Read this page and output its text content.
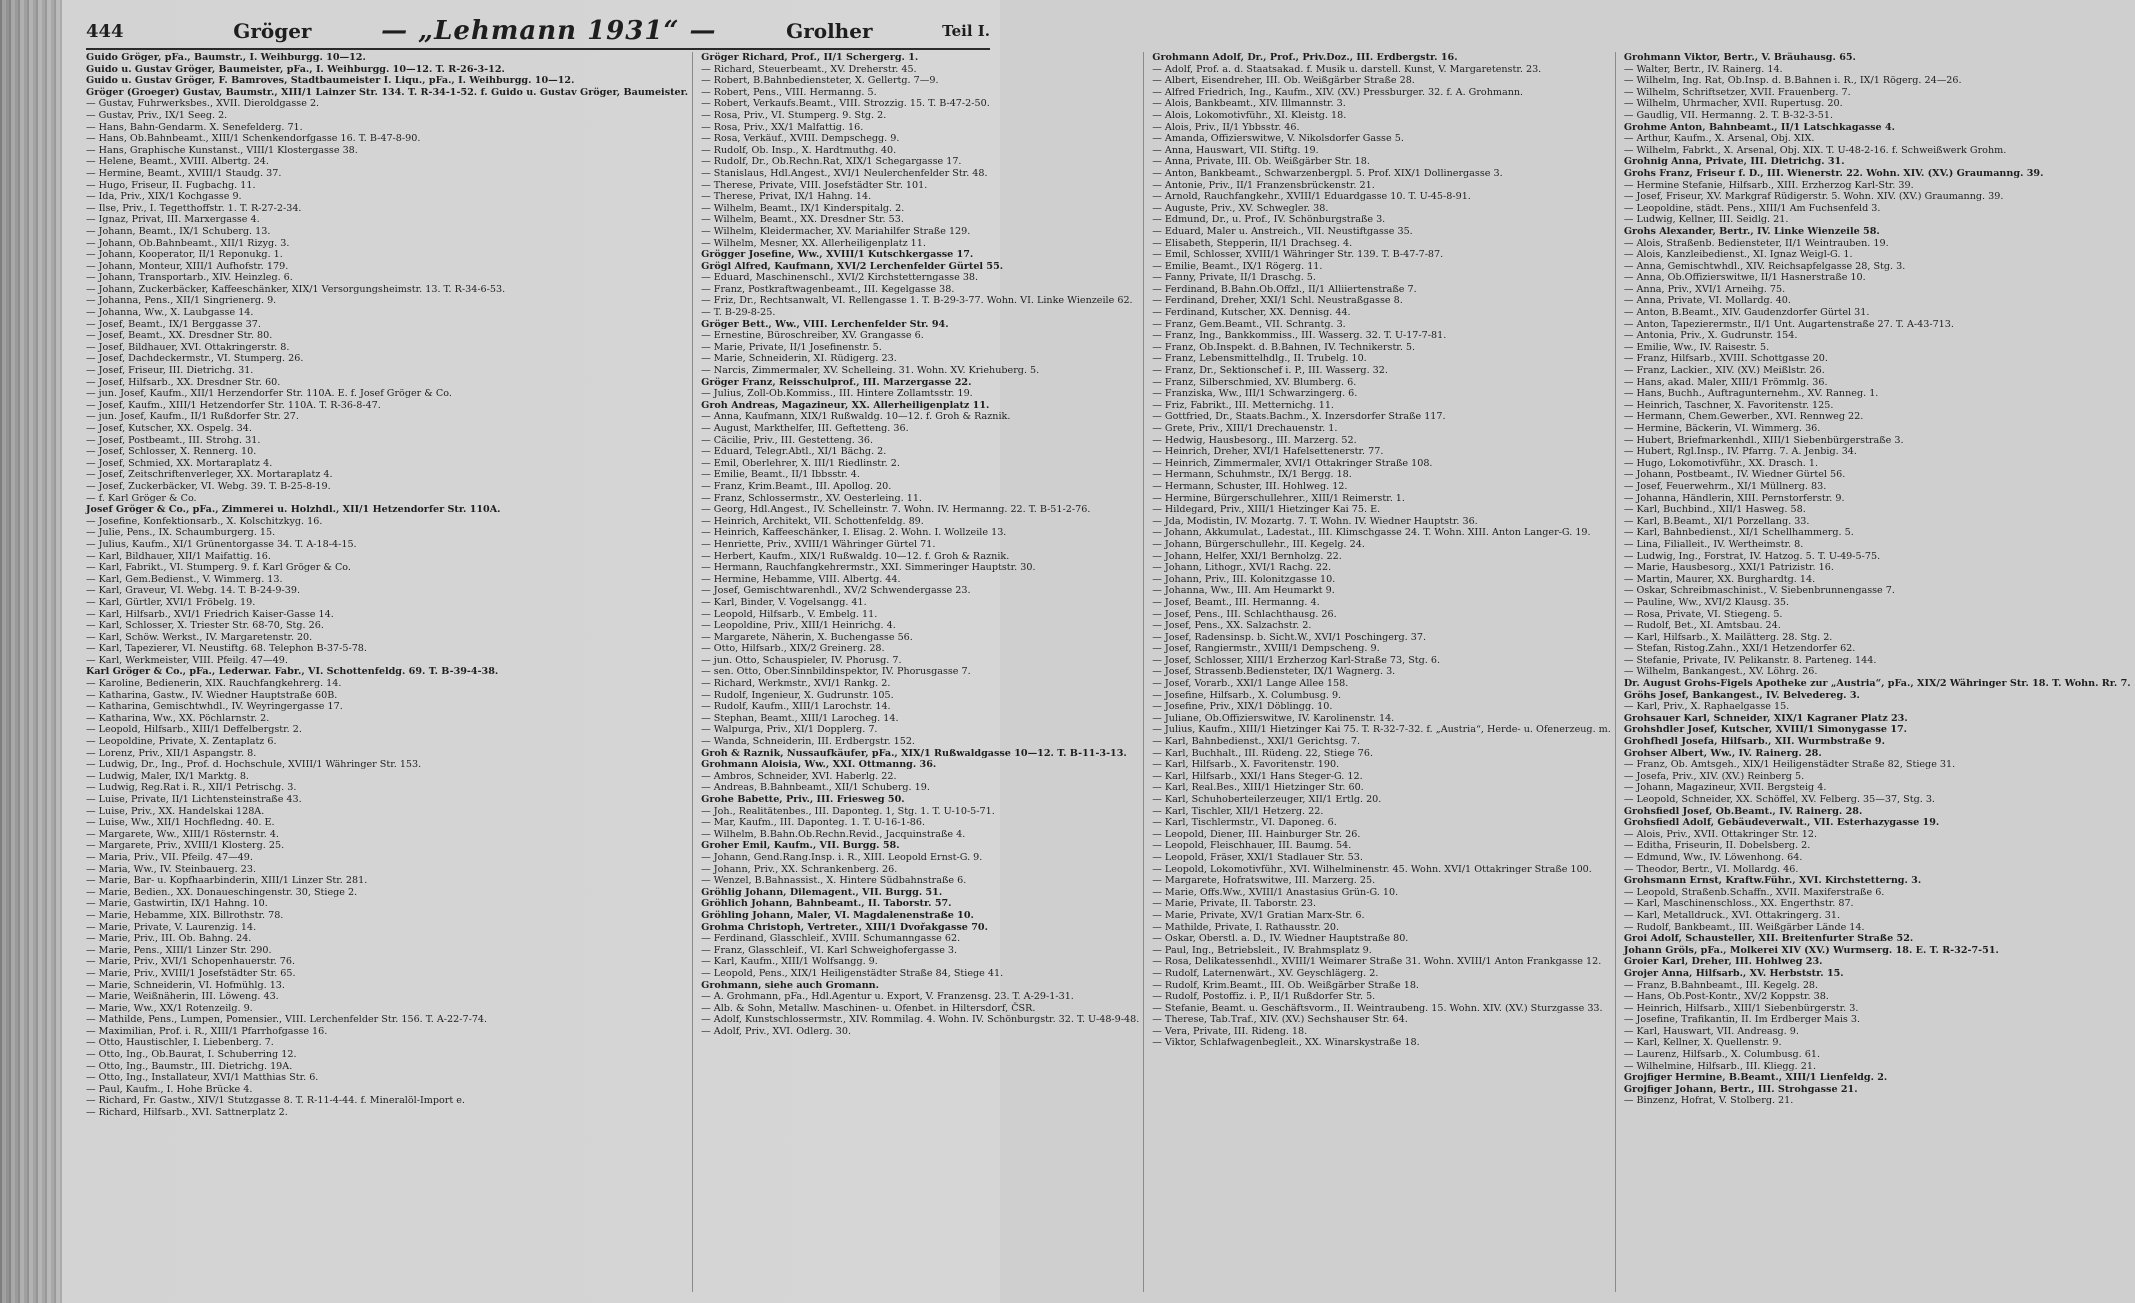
444	Gröger	— „Lehmann 1931“ —	Grolher	Teil I.
Guido Gröger, pFa., Baumstr., I. Weihburgg. 10—12.
Guido u. Gustav Gröger, Baumeister, pFa., I. Weihburgg. 10—12. T. R-26-3-12.
Guido u. Gustav Gröger, F. Bamroves, Stadtbaumeister I. Liqu., pFa., I. Weihburgg. 10—12.
Gröger (Groeger) Gustav, Baumstr., XIII/1 Lainzer Str. 134. T. R-34-1-52. f. Guido u. Gustav Gröger, Baumeister.
— Gustav, Fuhrwerksbes., XVII. Dieroldgasse 2.
— Gustav, Priv., IX/1 Seeg. 2.
— Hans, Bahn-Gendarm. X. Senefelderg. 71.
— Hans, Ob.Bahnbeamt., XIII/1 Schenkendorfgasse 16. T. B-47-8-90.
— Hans, Graphische Kunstanst., VIII/1 Klostergasse 38.
— Helene, Beamt., XVIII. Albertg. 24.
— Hermine, Beamt., XVIII/1 Staudg. 37.
— Hugo, Friseur, II. Fugbachg. 11.
— Ida, Priv., XIX/1 Kochgasse 9.
— Ilse, Priv., I. Tegetthoffstr. 1. T. R-27-2-34.
— Ignaz, Privat, III. Marxergasse 4.
— Johann, Beamt., IX/1 Schuberg. 13.
— Johann, Ob.Bahnbeamt., XII/1 Rizyg. 3.
— Johann, Kooperator, II/1 Reponukg. 1.
— Johann, Monteur, XIII/1 Aufhofstr. 179.
— Johann, Transportarb., XIV. Heinzleg. 6.
— Johann, Zuckerbäcker, Kaffeeschänker, XIX/1 Versorgungsheimstr. 13. T. R-34-6-53.
— Johanna, Pens., XII/1 Singrienerg. 9.
— Johanna, Ww., X. Laubgasse 14.
— Josef, Beamt., IX/1 Berggasse 37.
— Josef, Beamt., XX. Dresdner Str. 80.
— Josef, Bildhauer, XVI. Ottakringerstr. 8.
— Josef, Dachdeckermstr., VI. Stumperg. 26.
— Josef, Friseur, III. Dietrichg. 31.
— Josef, Hilfsarb., XX. Dresdner Str. 60.
— jun. Josef, Kaufm., XII/1 Herzendorfer Str. 110A. E. f. Josef Gröger & Co.
— Josef, Kaufm., XIII/1 Hetzendorfer Str. 110A. T. R-36-8-47.
— jun. Josef, Kaufm., II/1 Rußdorfer Str. 27.
— Josef, Kutscher, XX. Ospelg. 34.
— Josef, Postbeamt., III. Strohg. 31.
— Josef, Schlosser, X. Rennerg. 10.
— Josef, Schmied, XX. Mortaraplatz 4.
— Josef, Zeitschriftenverleger, XX. Mortaraplatz 4.
— Josef, Zuckerbäcker, VI. Webg. 39. T. B-25-8-19.
— f. Karl Gröger & Co.
Josef Gröger & Co., pFa., Zimmerei u. Holzhdl., XII/1 Hetzendorfer Str. 110A.
— Josefine, Konfektionsarb., X. Kolschitzkyg. 16.
— Julie, Pens., IX. Schaumburgerg. 15.
— Julius, Kaufm., XI/1 Grünentorgasse 34. T. A-18-4-15.
— Karl, Bildhauer, XII/1 Maifattig. 16.
— Karl, Fabrikt., VI. Stumperg. 9. f. Karl Gröger & Co.
— Karl, Gem.Bedienst., V. Wimmerg. 13.
— Karl, Graveur, VI. Webg. 14. T. B-24-9-39.
— Karl, Gürtler, XVI/1 Fröbelg. 19.
— Karl, Hilfsarb., XVI/1 Friedrich Kaiser-Gasse 14.
— Karl, Schlosser, X. Triester Str. 68-70, Stg. 26.
— Karl, Schöw. Werkst., IV. Margaretenstr. 20.
— Karl, Tapezierer, VI. Neustiftg. 68. Telephon B-37-5-78.
— Karl, Werkmeister, VIII. Pfeilg. 47—49.
Karl Gröger & Co., pFa., Lederwar. Fabr., VI. Schottenfeldg. 69. T. B-39-4-38.
— Karoline, Bedienerin, XIX. Rauchfangkehrerg. 14.
— Katharina, Gastw., IV. Wiedner Hauptstraße 60B.
— Katharina, Gemischtwhdl., IV. Weyringergasse 17.
— Katharina, Ww., XX. Pöchlarnstr. 2.
— Leopold, Hilfsarb., XIII/1 Deffelbergstr. 2.
— Leopoldine, Private, X. Zentaplatz 6.
— Lorenz, Priv., XII/1 Aspangstr. 8.
— Ludwig, Dr., Ing., Prof. d. Hochschule, XVIII/1 Währinger Str. 153.
— Ludwig, Maler, IX/1 Marktg. 8.
— Ludwig, Reg.Rat i. R., XII/1 Petrischg. 3.
— Luise, Private, II/1 Lichtensteinstraße 43.
— Luise, Priv., XX. Handelskai 128A.
— Luise, Ww., XII/1 Hochfledng. 40. E.
— Margarete, Ww., XIII/1 Rösternstr. 4.
— Margarete, Priv., XVIII/1 Klosterg. 25.
— Maria, Priv., VII. Pfeilg. 47—49.
— Maria, Ww., IV. Steinbauerg. 23.
— Marie, Bar- u. Kopfhaarbinderin, XIII/1 Linzer Str. 281.
— Marie, Bedien., XX. Donaueschingenstr. 30, Stiege 2.
— Marie, Gastwirtin, IX/1 Hahng. 10.
— Marie, Hebamme, XIX. Billrothstr. 78.
— Marie, Private, V. Laurenzig. 14.
— Marie, Priv., III. Ob. Bahng. 24.
— Marie, Pens., XIII/1 Linzer Str. 290.
— Marie, Priv., XVI/1 Schopenhauerstr. 76.
— Marie, Priv., XVIII/1 Josefstädter Str. 65.
— Marie, Schneiderin, VI. Hofmühlg. 13.
— Marie, Weißnäherin, III. Löweng. 43.
— Marie, Ww., XX/1 Rotenzeilg. 9.
— Mathilde, Pens., Lumpen, Pomensier., VIII. Lerchenfelder Str. 156. T. A-22-7-74.
— Maximilian, Prof. i. R., XIII/1 Pfarrhofgasse 16.
— Otto, Haustischler, I. Liebenberg. 7.
— Otto, Ing., Ob.Baurat, I. Schuberring 12.
— Otto, Ing., Baumstr., III. Dietrichg. 19A.
— Otto, Ing., Installateur, XVI/1 Matthias Str. 6.
— Paul, Kaufm., I. Hohe Brücke 4.
— Richard, Fr. Gastw., XIV/1 Stutzgasse 8. T. R-11-4-44. f. Mineralöl-Import e.
— Richard, Hilfsarb., XVI. Sattnerplatz 2.
Gröger Richard, Prof., II/1 Schergerg. 1.
— Richard, Steuerbeamt., XV. Dreherstr. 45.
— Robert, B.Bahnbediensteter, X. Gellertg. 7—9.
— Robert, Pens., VIII. Hermanng. 5.
— Robert, Verkaufs.Beamt., VIII. Strozzig. 15. T. B-47-2-50.
— Rosa, Priv., VI. Stumperg. 9. Stg. 2.
— Rosa, Priv., XX/1 Malfattig. 16.
— Rosa, Verkäuf., XVIII. Dempschegg. 9.
— Rudolf, Ob. Insp., X. Hardtmuthg. 40.
— Rudolf, Dr., Ob.Rechn.Rat, XIX/1 Schegargasse 17.
— Stanislaus, Hdl.Angest., XVI/1 Neulerchenfelder Str. 48.
— Therese, Private, VIII. Josefstädter Str. 101.
— Therese, Privat, IX/1 Hahng. 14.
— Wilhelm, Beamt., IX/1 Kinderspitalg. 2.
— Wilhelm, Beamt., XX. Dresdner Str. 53.
— Wilhelm, Kleidermacher, XV. Mariahilfer Straße 129.
— Wilhelm, Mesner, XX. Allerheiligenplatz 11.
Grögger Josefine, Ww., XVIII/1 Kutschkergasse 17.
Grögl Alfred, Kaufmann, XVI/2 Lerchenfelder Gürtel 55.
— Eduard, Maschinenschl., XVI/2 Kirchstetterngasse 38.
— Franz, Postkraftwagenbeamt., III. Kegelgasse 38.
— Friz, Dr., Rechtsanwalt, VI. Rellengasse 1. T. B-29-3-77. Wohn. VI. Linke Wienzeile 62.
— T. B-29-8-25.
Gröger Bett., Ww., VIII. Lerchenfelder Str. 94.
— Ernestine, Büroschreiber, XV. Grangasse 6.
— Marie, Private, II/1 Josefinenstr. 5.
— Marie, Schneiderin, XI. Rüdigerg. 23.
— Narcis, Zimmermaler, XV. Schelleing. 31. Wohn. XV. Kriehuberg. 5.
Gröger Franz, Reisschulprof., III. Marzergasse 22.
— Julius, Zoll-Ob.Kommiss., III. Hintere Zollamtsstr. 19.
Groh Andreas, Magazineur, XX. Allerheiligenplatz 11.
— Anna, Kaufmann, XIX/1 Rußwaldg. 10—12. f. Groh & Raznik.
— August, Markthelfer, III. Geftetteng. 36.
— Cäcilie, Priv., III. Gestetteng. 36.
— Eduard, Telegr.Abtl., XI/1 Bächg. 2.
— Emil, Oberlehrer, X. III/1 Riedlinstr. 2.
— Emilie, Beamt., II/1 Ibbsstr. 4.
— Franz, Krim.Beamt., III. Apollog. 20.
— Franz, Schlossermstr., XV. Oesterleing. 11.
— Georg, Hdl.Angest., IV. Schelleinstr. 7. Wohn. IV. Hermanng. 22. T. B-51-2-76.
— Heinrich, Architekt, VII. Schottenfeldg. 89.
— Heinrich, Kaffeeschänker, I. Elisag. 2. Wohn. I. Wollzeile 13.
— Henriette, Priv., XVIII/1 Währinger Gürtel 71.
— Herbert, Kaufm., XIX/1 Rußwaldg. 10—12. f. Groh & Raznik.
— Hermann, Rauchfangkehrermstr., XXI. Simmeringer Hauptstr. 30.
— Hermine, Hebamme, VIII. Albertg. 44.
— Josef, Gemischtwarenhdl., XV/2 Schwendergasse 23.
— Karl, Binder, V. Vogelsangg. 41.
— Leopold, Hilfsarb., V. Embelg. 11.
— Leopoldine, Priv., XIII/1 Heinrichg. 4.
— Margarete, Näherin, X. Buchengasse 56.
— Otto, Hilfsarb., XIX/2 Greinerg. 28.
— jun. Otto, Schauspieler, IV. Phorusg. 7.
— sen. Otto, Ober.Sinnbildinspektor, IV. Phorusgasse 7.
— Richard, Werkmstr., XVI/1 Rankg. 2.
— Rudolf, Ingenieur, X. Gudrunstr. 105.
— Rudolf, Kaufm., XIII/1 Larochstr. 14.
— Stephan, Beamt., XIII/1 Larocheg. 14.
— Walpurga, Priv., XI/1 Dopplerg. 7.
— Wanda, Schneiderin, III. Erdbergstr. 152.
Groh & Raznik, Nussaufkäufer, pFa., XIX/1 Rußwaldgasse 10—12. T. B-11-3-13.
Grohmann Aloisia, Ww., XXI. Ottmanng. 36.
— Ambros, Schneider, XVI. Haberlg. 22.
— Andreas, B.Bahnbeamt., XII/1 Schuberg. 19.
Grohe Babette, Priv., III. Friesweg 50.
— Joh., Realitätenbes., III. Daponteg. 1, Stg. 1. T. U-10-5-71.
— Mar, Kaufm., III. Daponteg. 1. T. U-16-1-86.
— Wilhelm, B.Bahn.Ob.Rechn.Revid., Jacquinstraße 4.
Groher Emil, Kaufm., VII. Burgg. 58.
— Johann, Gend.Rang.Insp. i. R., XIII. Leopold Ernst-G. 9.
— Johann, Priv., XX. Schrankenberg. 26.
— Wenzel, B.Bahnassist., X. Hintere Südbahnstraße 6.
Gröhlig Johann, Dilemagent., VII. Burgg. 51.
Gröhlich Johann, Bahnbeamt., II. Taborstr. 57.
Gröhling Johann, Maler, VI. Magdalenenstraße 10.
Grohma Christoph, Vertreter., XIII/1 Dvořakgasse 70.
— Ferdinand, Glasschleif., XVIII. Schumanngasse 62.
— Franz, Glasschleif., VI. Karl Schweighofergasse 3.
— Karl, Kaufm., XIII/1 Wolfsangg. 9.
— Leopold, Pens., XIX/1 Heiligenstädter Straße 84, Stiege 41.
Grohmann, siehe auch Gromann.
— A. Grohmann, pFa., Hdl.Agentur u. Export, V. Franzensg. 23. T. A-29-1-31.
— Alb. & Sohn, Metallw. Maschinen- u. Ofenbet. in Hiltersdorf, ČSR.
— Adolf, Kunstschlossermstr., XIV. Rommilag. 4. Wohn. IV. Schönburgstr. 32. T. U-48-9-48.
— Adolf, Priv., XVI. Odlerg. 30.
Grohmann Adolf, Dr., Prof., Priv.Doz., III. Erdbergstr. 16.
— Adolf, Prof. a. d. Staatsakad. f. Musik u. darstell. Kunst, V. Margaretenstr. 23.
— Albert, Eisendreher, III. Ob. Weißgärber Straße 28.
— Alfred Friedrich, Ing., Kaufm., XIV. (XV.) Pressburger. 32. f. A. Grohmann.
— Alois, Bankbeamt., XIV. Illmannstr. 3.
— Alois, Lokomotivführ., XI. Kleistg. 18.
— Alois, Priv., II/1 Ybbsstr. 46.
— Amanda, Offizierswitwe, V. Nikolsdorfer Gasse 5.
— Anna, Hauswart, VII. Stiftg. 19.
— Anna, Private, III. Ob. Weißgärber Str. 18.
— Anton, Bankbeamt., Schwarzenbergpl. 5. Prof. XIX/1 Dollinergasse 3.
— Antonie, Priv., II/1 Franzensbrückenstr. 21.
— Arnold, Rauchfangkehr., XVIII/1 Eduardgasse 10. T. U-45-8-91.
— Auguste, Priv., XV. Schwegler. 38.
— Edmund, Dr., u. Prof., IV. Schönburgstraße 3.
— Eduard, Maler u. Anstreich., VII. Neustiftgasse 35.
— Elisabeth, Stepperin, II/1 Drachseg. 4.
— Emil, Schlosser, XVIII/1 Währinger Str. 139. T. B-47-7-87.
— Emilie, Beamt., IX/1 Rögerg. 11.
— Fanny, Private, II/1 Draschg. 5.
— Ferdinand, B.Bahn.Ob.Offzl., II/1 Alliiertenstraße 7.
— Ferdinand, Dreher, XXI/1 Schl. Neustraßgasse 8.
— Ferdinand, Kutscher, XX. Dennisg. 44.
— Franz, Gem.Beamt., VII. Schrantg. 3.
— Franz, Ing., Bankkommiss., III. Wasserg. 32. T. U-17-7-81.
— Franz, Ob.Inspekt. d. B.Bahnen, IV. Technikerstr. 5.
— Franz, Lebensmittelhdlg., II. Trubelg. 10.
— Franz, Dr., Sektionschef i. P., III. Wasserg. 32.
— Franz, Silberschmied, XV. Blumberg. 6.
— Franziska, Ww., III/1 Schwarzingerg. 6.
— Friz, Fabrikt., III. Metternichg. 11.
— Gottfried, Dr., Staats.Bachm., X. Inzersdorfer Straße 117.
— Grete, Priv., XIII/1 Drechauenstr. 1.
— Hedwig, Hausbesorg., III. Marzerg. 52.
— Heinrich, Dreher, XVI/1 Hafelsettenerstr. 77.
— Heinrich, Zimmermaler, XVI/1 Ottakringer Straße 108.
— Hermann, Schuhmstr., IX/1 Bergg. 18.
— Hermann, Schuster, III. Hohlweg. 12.
— Hermine, Bürgerschullehrer., XIII/1 Reimerstr. 1.
— Hildegard, Priv., XIII/1 Hietzinger Kai 75. E.
— Jda, Modistin, IV. Mozartg. 7. T. Wohn. IV. Wiedner Hauptstr. 36.
— Johann, Akkumulat., Ladestat., III. Klimschgasse 24. T. Wohn. XIII. Anton Langer-G. 19.
— Johann, Bürgerschullehr., III. Kegelg. 24.
— Johann, Helfer, XXI/1 Bernholzg. 22.
— Johann, Lithogr., XVI/1 Rachg. 22.
— Johann, Priv., III. Kolonitzgasse 10.
— Johanna, Ww., III. Am Heumarkt 9.
— Josef, Beamt., III. Hermanng. 4.
— Josef, Pens., III. Schlachthausg. 26.
— Josef, Pens., XX. Salzachstr. 2.
— Josef, Radensinsp. b. Sicht.W., XVI/1 Poschingerg. 37.
— Josef, Rangiermstr., XVIII/1 Dempscheng. 9.
— Josef, Schlosser, XIII/1 Erzherzog Karl-Straße 73, Stg. 6.
— Josef, Strassenb.Bediensteter, IX/1 Wagnerg. 3.
— Josef, Vorarb., XXI/1 Lange Allee 158.
— Josefine, Hilfsarb., X. Columbusg. 9.
— Josefine, Priv., XIX/1 Döblingg. 10.
— Juliane, Ob.Offizierswitwe, IV. Karolinenstr. 14.
— Julius, Kaufm., XIII/1 Hietzinger Kai 75. T. R-32-7-32. f. „Austria“, Herde- u. Ofenerzeug. m.
— Karl, Bahnbedienst., XXI/1 Gerichtsg. 7.
— Karl, Buchhalt., III. Rüdeng. 22, Stiege 76.
— Karl, Hilfsarb., X. Favoritenstr. 190.
— Karl, Hilfsarb., XXI/1 Hans Steger-G. 12.
— Karl, Real.Bes., XIII/1 Hietzinger Str. 60.
— Karl, Schuhoberteilerzeuger, XII/1 Ertlg. 20.
— Karl, Tischler, XII/1 Hetzerg. 22.
— Karl, Tischlermstr., VI. Daponeg. 6.
— Leopold, Diener, III. Hainburger Str. 26.
— Leopold, Fleischhauer, III. Baumg. 54.
— Leopold, Fräser, XXI/1 Stadlauer Str. 53.
— Leopold, Lokomotivführ., XVI. Wilhelminenstr. 45. Wohn. XVI/1 Ottakringer Straße 100.
— Margarete, Hofratswitwe, III. Marzerg. 25.
— Marie, Offs.Ww., XVIII/1 Anastasius Grün-G. 10.
— Marie, Private, II. Taborstr. 23.
— Marie, Private, XV/1 Gratian Marx-Str. 6.
— Mathilde, Private, I. Rathausstr. 20.
— Oskar, Oberstl. a. D., IV. Wiedner Hauptstraße 80.
— Paul, Ing., Betriebsleit., IV. Brahmsplatz 9.
— Rosa, Delikatessenhdl., XVIII/1 Weimarer Straße 31. Wohn. XVIII/1 Anton Frankgasse 12.
— Rudolf, Laternenwärt., XV. Geyschlägerg. 2.
— Rudolf, Krim.Beamt., III. Ob. Weißgärber Straße 18.
— Rudolf, Postoffiz. i. P., II/1 Rußdorfer Str. 5.
— Stefanie, Beamt. u. Geschäftsvorm., II. Weintraubeng. 15. Wohn. XIV. (XV.) Sturzgasse 33.
— Therese, Tab.Traf., XIV. (XV.) Sechshauser Str. 64.
— Vera, Private, III. Rideng. 18.
— Viktor, Schlafwagenbegleit., XX. Winarskystraße 18.
Grohmann Viktor, Bertr., V. Bräuhausg. 65.
— Walter, Bertr., IV. Rainerg. 14.
— Wilhelm, Ing. Rat, Ob.Insp. d. B.Bahnen i. R., IX/1 Rögerg. 24—26.
— Wilhelm, Schriftsetzer, XVII. Frauenberg. 7.
— Wilhelm, Uhrmacher, XVII. Rupertusg. 20.
— Gaudlig, VII. Hermanng. 2. T. B-32-3-51.
Grohme Anton, Bahnbeamt., II/1 Latschkagasse 4.
— Arthur, Kaufm., X. Arsenal, Obj. XIX.
— Wilhelm, Fabrkt., X. Arsenal, Obj. XIX. T. U-48-2-16. f. Schweißwerk Grohm.
Grohnig Anna, Private, III. Dietrichg. 31.
Grohs Franz, Friseur f. D., III. Wienerstr. 22. Wohn. XIV. (XV.) Graumanng. 39.
— Hermine Stefanie, Hilfsarb., XIII. Erzherzog Karl-Str. 39.
— Josef, Friseur, XV. Markgraf Rüdigerstr. 5. Wohn. XIV. (XV.) Graumanng. 39.
— Leopoldine, städt. Pens., XIII/1 Am Fuchsenfeld 3.
— Ludwig, Kellner, III. Seidlg. 21.
Grohs Alexander, Bertr., IV. Linke Wienzeile 58.
— Alois, Straßenb. Bediensteter, II/1 Weintrauben. 19.
— Alois, Kanzleibedienst., XI. Ignaz Weigl-G. 1.
— Anna, Gemischtwhdl., XIV. Reichsapfelgasse 28, Stg. 3.
— Anna, Ob.Offizierswitwe, II/1 Hasnerstraße 10.
— Anna, Priv., XVI/1 Arneihg. 75.
— Anna, Private, VI. Mollardg. 40.
— Anton, B.Beamt., XIV. Gaudenzdorfer Gürtel 31.
— Anton, Tapezierermstr., II/1 Unt. Augartenstraße 27. T. A-43-713.
— Antonia, Priv., X. Gudrunstr. 154.
— Emilie, Ww., IV. Raisestr. 5.
— Franz, Hilfsarb., XVIII. Schottgasse 20.
— Franz, Lackier., XIV. (XV.) Meißlstr. 26.
— Hans, akad. Maler, XIII/1 Frömmlg. 36.
— Hans, Buchh., Auftragunternehm., XV. Ranneg. 1.
— Heinrich, Taschner, X. Favoritenstr. 125.
— Hermann, Chem.Gewerber., XVI. Rennweg 22.
— Hermine, Bäckerin, VI. Wimmerg. 36.
— Hubert, Briefmarkenhdl., XIII/1 Siebenbürgerstraße 3.
— Hubert, Rgl.Insp., IV. Pfarrg. 7. A. Jenbig. 34.
— Hugo, Lokomotivführ., XX. Drasch. 1.
— Johann, Postbeamt., IV. Wiedner Gürtel 56.
— Josef, Feuerwehrm., XI/1 Müllnerg. 83.
— Johanna, Händlerin, XIII. Pernstorferstr. 9.
— Karl, Buchbind., XII/1 Hasweg. 58.
— Karl, B.Beamt., XI/1 Porzellang. 33.
— Karl, Bahnbedienst., XI/1 Schellhammerg. 5.
— Lina, Filialleit., IV. Wertheimstr. 8.
— Ludwig, Ing., Forstrat, IV. Hatzog. 5. T. U-49-5-75.
— Marie, Hausbesorg., XXI/1 Patrizistr. 16.
— Martin, Maurer, XX. Burghardtg. 14.
— Oskar, Schreibmaschinist., V. Siebenbrunnengasse 7.
— Pauline, Ww., XVI/2 Klausg. 35.
— Rosa, Private, VI. Stiegeng. 5.
— Rudolf, Bet., XI. Amtsbau. 24.
— Karl, Hilfsarb., X. Mailätterg. 28. Stg. 2.
— Stefan, Ristog.Zahn., XXI/1 Hetzendorfer 62.
— Stefanie, Private, IV. Pelikanstr. 8. Parteneg. 144.
— Wilhelm, Bankangest., XV. Löhrg. 26.
Dr. August Grohs-Figels Apotheke zur „Austria“, pFa., XIX/2 Währinger Str. 18. T. Wohn. Rr. 7.
Gröhs Josef, Bankangest., IV. Belvedereg. 3.
— Karl, Priv., X. Raphaelgasse 15.
Grohsauer Karl, Schneider, XIX/1 Kagraner Platz 23.
Grohshdler Josef, Kutscher, XVIII/1 Simonygasse 17.
Grohfhedl Josefa, Hilfsarb., XII. Wurmbstraße 9.
Grohser Albert, Ww., IV. Rainerg. 28.
— Franz, Ob. Amtsgeh., XIX/1 Heiligenstädter Straße 82, Stiege 31.
— Josefa, Priv., XIV. (XV.) Reinberg 5.
— Johann, Magazineur, XVII. Bergsteig 4.
— Leopold, Schneider, XX. Schöffel, XV. Felberg. 35—37, Stg. 3.
Grohsfiedl Josef, Ob.Beamt., IV. Rainerg. 28.
Grohsfiedl Adolf, Gebäudeverwalt., VII. Esterhazygasse 19.
— Alois, Priv., XVII. Ottakringer Str. 12.
— Editha, Friseurin, II. Dobelsberg. 2.
— Edmund, Ww., IV. Löwenhong. 64.
— Theodor, Bertr., VI. Mollardg. 46.
Grohsmann Ernst, Kraftw.Führ., XVI. Kirchstetterng. 3.
— Leopold, Straßenb.Schaffn., XVII. Maxiferstraße 6.
— Karl, Maschinenschloss., XX. Engerthstr. 87.
— Karl, Metalldruck., XVI. Ottakringerg. 31.
— Rudolf, Bankbeamt., III. Weißgärber Lände 14.
Groi Adolf, Schausteller, XII. Breitenfurter Straße 52.
Johann Gröls, pFa., Molkerei XIV (XV.) Wurmserg. 18. E. T. R-32-7-51.
Groier Karl, Dreher, III. Hohlweg 23.
Grojer Anna, Hilfsarb., XV. Herbststr. 15.
— Franz, B.Bahnbeamt., III. Kegelg. 28.
— Hans, Ob.Post-Kontr., XV/2 Koppstr. 38.
— Heinrich, Hilfsarb., XIII/1 Siebenbürgerstr. 3.
— Josefine, Trafikantin, II. Im Erdberger Mais 3.
— Karl, Hauswart, VII. Andreasg. 9.
— Karl, Kellner, X. Quellenstr. 9.
— Laurenz, Hilfsarb., X. Columbusg. 61.
— Wilhelmine, Hilfsarb., III. Kliegg. 21.
Grojfiger Hermine, B.Beamt., XIII/1 Lienfeldg. 2.
Grojfiger Johann, Bertr., III. Strohgasse 21.
— Binzenz, Hofrat, V. Stolberg. 21.
